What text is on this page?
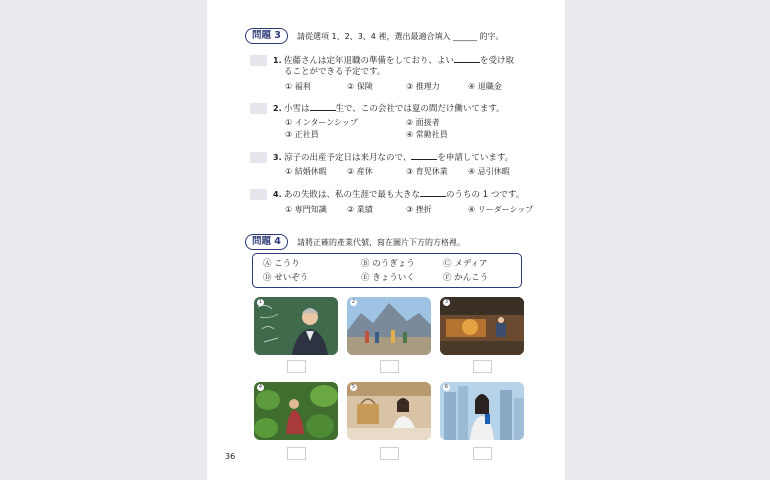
問題 3	請從選項 1、2、3、4 裡，選出最適合填入 ______ 的字。
1. 佐藤さんは定年退職の準備をしており、よい	を受け取
ることができる予定です。
① 福利	② 保険	③ 推理力	④ 退職金
2. 小雪は	生で、この会社では夏の間だけ働いてます。
① インターンシップ	② 面接者
③ 正社員	④ 常勤社員
3. 涼子の出産予定日は来月なので、	を申請しています。
① 結婚休暇	② 産休	③ 育児休業	④ 忌引休暇
4. あの失敗は、私の生涯で最も大きな	のうちの 1 つです。
① 専門知識	② 業績	③ 挫折	④ リーダーシップ
問題 4	請將正確的產業代號，寫在圖片下方的方格裡。
Ⓐ こうり	Ⓑ のうぎょう	Ⓒ メディア
Ⓓ せいぞう	Ⓔ きょういく	Ⓕ かんこう
1	2	3
4	5	6
36
